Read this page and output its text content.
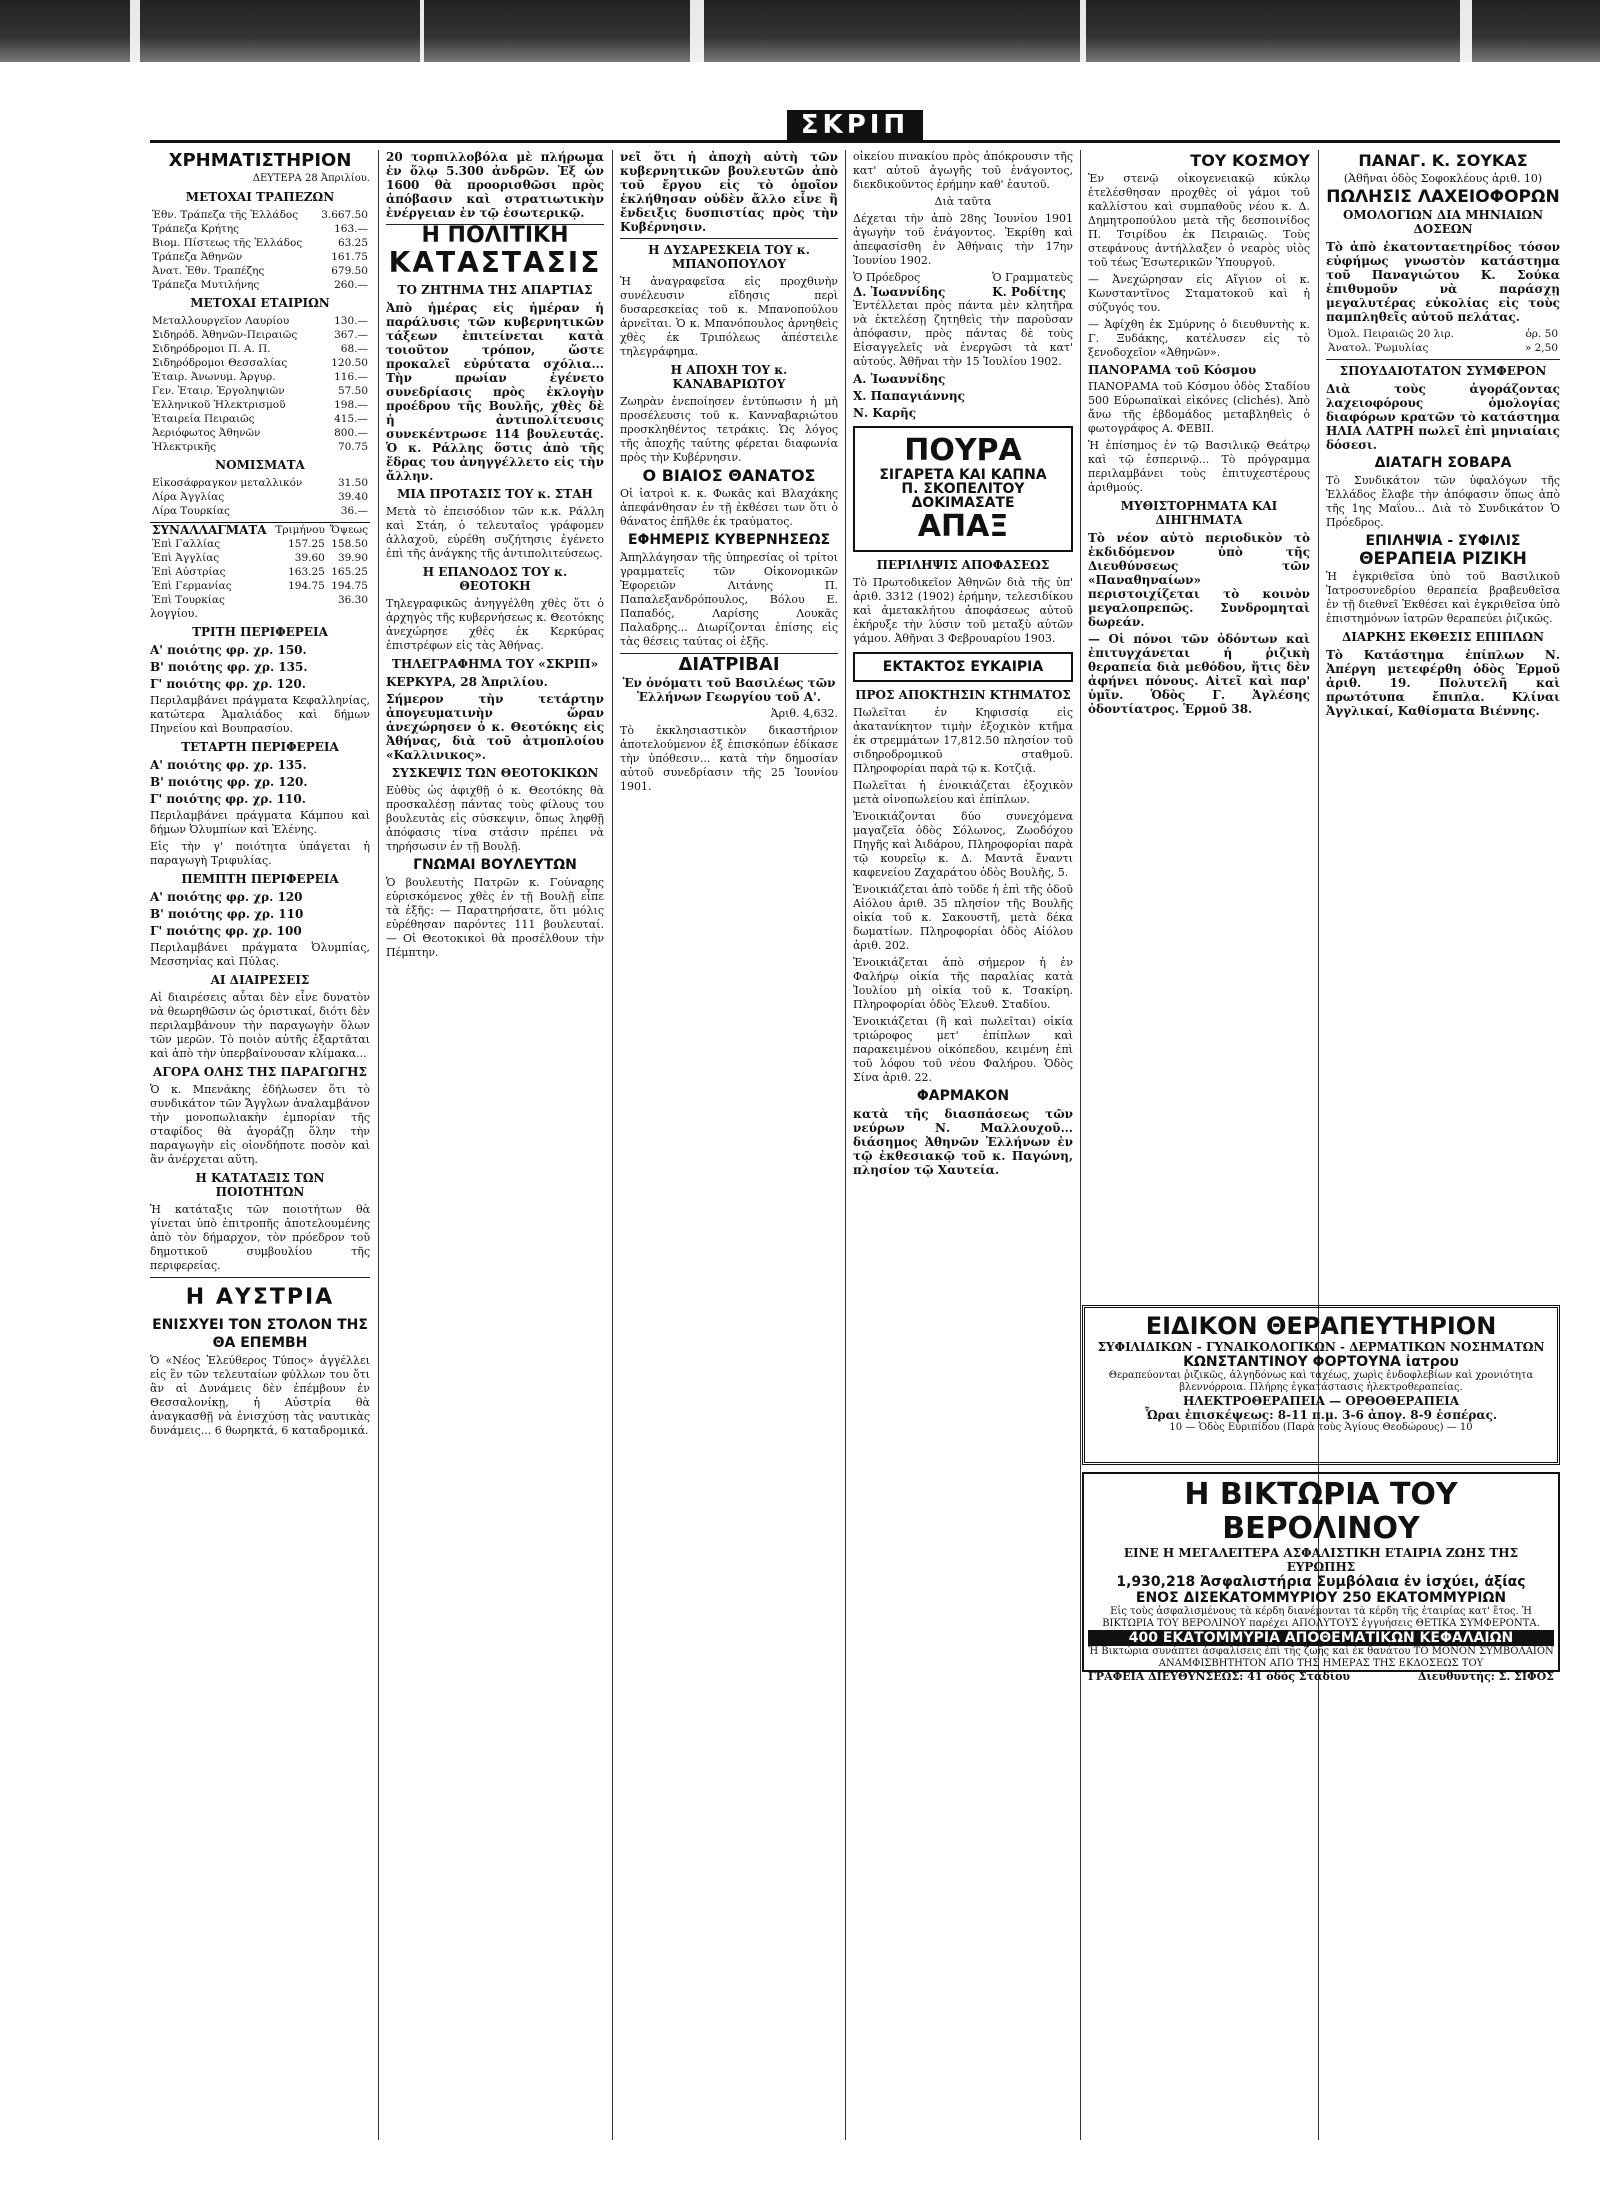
ΣΚΡΙΠ
ΧΡΗΜΑΤΙΣΤΗΡΙΟΝ
ΔΕΥΤΕΡΑ 28 Ἀπριλίου.
ΜΕΤΟΧΑΙ ΤΡΑΠΕΖΩΝ
Ἐθν. Τράπεζα τῆς Ἑλλάδος	3.667.50
Τράπεζα Κρήτης	163.—
Βιομ. Πίστεως τῆς Ἑλλάδος	63.25
Τράπεζα Ἀθηνῶν	161.75
Ἀνατ. Ἐθν. Τραπέζης	679.50
Τράπεζα Μυτιλήνης	260.—
ΜΕΤΟΧΑΙ ΕΤΑΙΡΙΩΝ
Μεταλλουργεῖον Λαυρίου	130.—
Σιδηρόδ. Ἀθηνῶν-Πειραιῶς	367.—
Σιδηρόδρομοι Π. Α. Π.	68.—
Σιδηρόδρομοι Θεσσαλίας	120.50
Ἐταιρ. Ἀνωνυμ. Ἀργυρ.	116.—
Γεν. Ἐταιρ. Ἐργοληψιῶν	57.50
Ἑλληνικοῦ Ἠλεκτρισμοῦ	198.—
Ἑταιρεία Πειραιῶς	415.—
Ἀεριόφωτος Ἀθηνῶν	800.—
Ἠλεκτρικῆς	70.75
ΝΟΜΙΣΜΑΤΑ
Εἰκοσάφραγκον μεταλλικόν	31.50
Λίρα Ἀγγλίας	39.40
Λίρα Τουρκίας	36.—
ΣΥΝΑΛΛΑΓΜΑΤΑ	Τριμήνου	Ὄψεως
Ἐπὶ Γαλλίας	157.25	158.50
Ἐπὶ Ἀγγλίας	39.60	39.90
Ἐπὶ Αὐστρίας	163.25	165.25
Ἐπὶ Γερμανίας	194.75	194.75
Ἐπὶ Τουρκίας		36.30

λογγίου.

ΤΡΙΤΗ ΠΕΡΙΦΕΡΕΙΑ

Α' ποιότης φρ. χρ. 150.

Β' ποιότης φρ. χρ. 135.

Γ' ποιότης φρ. χρ. 120.

Περιλαμβάνει πράγματα Κεφαλληνίας, κατώτερα Ἀμαλιάδος καὶ δήμων Πηνείου καὶ Βουπρασίου.

ΤΕΤΑΡΤΗ ΠΕΡΙΦΕΡΕΙΑ

Α' ποιότης φρ. χρ. 135.

Β' ποιότης φρ. χρ. 120.

Γ' ποιότης φρ. χρ. 110.

Περιλαμβάνει πράγματα Κάμπου καὶ δήμων Ὀλυμπίων καὶ Ἑλένης.

Εἰς τὴν γ' ποιότητα ὑπάγεται ἡ παραγωγὴ Τριφυλίας.

ΠΕΜΠΤΗ ΠΕΡΙΦΕΡΕΙΑ

Α' ποιότης φρ. χρ. 120

Β' ποιότης φρ. χρ. 110

Γ' ποιότης φρ. χρ. 100

Περιλαμβάνει πράγματα Ὀλυμπίας, Μεσσηνίας καὶ Πύλας.

ΑΙ ΔΙΑΙΡΕΣΕΙΣ

Αἱ διαιρέσεις αὗται δὲν εἶνε δυνατὸν νὰ θεωρηθῶσιν ὡς ὁριστικαί, διότι δὲν περιλαμβάνουν τὴν παραγωγὴν ὅλων τῶν μερῶν. Τὸ ποιὸν αὐτῆς ἐξαρτᾶται καὶ ἀπὸ τὴν ὑπερβαίνουσαν κλίμακα...

ΑΓΟΡΑ ΟΛΗΣ ΤΗΣ ΠΑΡΑΓΩΓΗΣ

Ὁ κ. Μπενάκης ἐδήλωσεν ὅτι τὸ συνδικάτον τῶν Ἄγγλων ἀναλαμβάνον τὴν μονοπωλιακὴν ἐμπορίαν τῆς σταφίδος θὰ ἀγοράζῃ ὅλην τὴν παραγωγὴν εἰς οἱονδήποτε ποσὸν καὶ ἂν ἀνέρχεται αὕτη.

Η ΚΑΤΑΤΑΞΙΣ ΤΩΝ ΠΟΙΟΤΗΤΩΝ

Ἡ κατάταξις τῶν ποιοτήτων θὰ γίνεται ὑπὸ ἐπιτροπῆς ἀποτελουμένης ἀπὸ τὸν δήμαρχον, τὸν πρόεδρον τοῦ δημοτικοῦ συμβουλίου τῆς περιφερείας.

Η ΑΥΣΤΡΙΑ
ΕΝΙΣΧΥΕΙ ΤΟΝ ΣΤΟΛΟΝ ΤΗΣ
ΘΑ ΕΠΕΜΒΗ

Ὁ «Νέος Ἐλεύθερος Τύπος» ἀγγέλλει εἰς ἓν τῶν τελευταίων φύλλων του ὅτι ἂν αἱ Δυνάμεις δὲν ἐπέμβουν ἐν Θεσσαλονίκῃ, ἡ Αὐστρία θὰ ἀναγκασθῇ νὰ ἐνισχύσῃ τὰς ναυτικὰς δυνάμεις... 6 θωρηκτά, 6 καταδρομικά.

20 τορπιλλοβόλα μὲ πλήρωμα ἐν ὅλῳ 5.300 ἀνδρῶν. Ἐξ ὧν 1600 θὰ προορισθῶσι πρὸς ἀπόβασιν καὶ στρατιωτικὴν ἐνέργειαν ἐν τῷ ἐσωτερικῷ.

Η ΠΟΛΙΤΙΚΗ
ΚΑΤΑΣΤΑΣΙΣ
ΤΟ ΖΗΤΗΜΑ ΤΗΣ ΑΠΑΡΤΙΑΣ

Ἀπὸ ἡμέρας εἰς ἡμέραν ἡ παράλυσις τῶν κυβερνητικῶν τάξεων ἐπιτείνεται κατὰ τοιοῦτον τρόπον, ὥστε προκαλεῖ εὐρύτατα σχόλια... Τὴν πρωίαν ἐγένετο συνεδρίασις πρὸς ἐκλογὴν προέδρου τῆς Βουλῆς, χθὲς δὲ ἡ ἀντιπολίτευσις συνεκέντρωσε 114 βουλευτάς. Ὁ κ. Ράλλης ὅστις ἀπὸ τῆς ἕδρας του ἀνηγγέλλετο εἰς τὴν ἄλλην.

ΜΙΑ ΠΡΟΤΑΣΙΣ ΤΟΥ κ. ΣΤΑΗ

Μετὰ τὸ ἐπεισόδιον τῶν κ.κ. Ράλλη καὶ Στάη, ὁ τελευταῖος γράφομεν ἀλλαχοῦ, εὑρέθη συζήτησις ἐγένετο ἐπὶ τῆς ἀνάγκης τῆς ἀντιπολιτεύσεως.

Η ΕΠΑΝΟΔΟΣ ΤΟΥ κ. ΘΕΟΤΟΚΗ

Τηλεγραφικῶς ἀνηγγέλθη χθὲς ὅτι ὁ ἀρχηγὸς τῆς κυβερνήσεως κ. Θεοτόκης ἀνεχώρησε χθὲς ἐκ Κερκύρας ἐπιστρέφων εἰς τὰς Ἀθήνας.

ΤΗΛΕΓΡΑΦΗΜΑ ΤΟΥ «ΣΚΡΙΠ»

ΚΕΡΚΥΡΑ, 28 Ἀπριλίου.

Σήμερον τὴν τετάρτην ἀπογευματινὴν ὥραν ἀνεχώρησεν ὁ κ. Θεοτόκης εἰς Ἀθήνας, διὰ τοῦ ἀτμοπλοίου «Καλλινικος».

ΣΥΣΚΕΨΙΣ ΤΩΝ ΘΕΟΤΟΚΙΚΩΝ

Εὐθὺς ὡς ἀφιχθῇ ὁ κ. Θεοτόκης θὰ προσκαλέσῃ πάντας τοὺς φίλους του βουλευτὰς εἰς σύσκεψιν, ὅπως ληφθῇ ἀπόφασις τίνα στάσιν πρέπει νὰ τηρήσωσιν ἐν τῇ Βουλῇ.

ΓΝΩΜΑΙ ΒΟΥΛΕΥΤΩΝ

Ὁ βουλευτὴς Πατρῶν κ. Γούναρης εὑρισκόμενος χθὲς ἐν τῇ Βουλῇ εἶπε τὰ ἑξῆς: — Παρατηρήσατε, ὅτι μόλις εὐρέθησαν παρόντες 111 βουλευταί. — Οἱ Θεοτοκικοὶ θὰ προσέλθουν τὴν Πέμπτην.

νεῖ ὅτι ἡ ἀποχὴ αὐτὴ τῶν κυβερνητικῶν βουλευτῶν ἀπὸ τοῦ ἔργου εἰς τὸ ὁποῖον ἐκλήθησαν οὐδὲν ἄλλο εἶνε ἢ ἔνδειξις δυσπιστίας πρὸς τὴν Κυβέρνησιν.

Η ΔΥΣΑΡΕΣΚΕΙΑ ΤΟΥ κ. ΜΠΑΝΟΠΟΥΛΟΥ

Ἡ ἀναγραφεῖσα εἰς προχθινὴν συνέλευσιν εἴδησις περὶ δυσαρεσκείας τοῦ κ. Μπανοπούλου ἀρνεῖται. Ὁ κ. Μπανόπουλος ἀρνηθεὶς χθὲς ἐκ Τριπόλεως ἀπέστειλε τηλεγράφημα.

Η ΑΠΟΧΗ ΤΟΥ κ. ΚΑΝΑΒΑΡΙΩΤΟΥ

Ζωηρὰν ἐνεποίησεν ἐντύπωσιν ἡ μὴ προσέλευσις τοῦ κ. Κανναβαριώτου προσκληθέντος τετράκις. Ὡς λόγος τῆς ἀποχῆς ταύτης φέρεται διαφωνία πρὸς τὴν Κυβέρνησιν.

Ο ΒΙΑΙΟΣ ΘΑΝΑΤΟΣ

Οἱ ἰατροὶ κ. κ. Φωκᾶς καὶ Βλαχάκης ἀπεφάνθησαν ἐν τῇ ἐκθέσει των ὅτι ὁ θάνατος ἐπῆλθε ἐκ τραύματος.

ΕΦΗΜΕΡΙΣ ΚΥΒΕΡΝΗΣΕΩΣ

Ἀπηλλάγησαν τῆς ὑπηρεσίας οἱ τρίτοι γραμματεῖς τῶν Οἰκονομικῶν Ἐφορειῶν Λιτάνης Π. Παπαλεξανδρόπουλος, Βόλου Ε. Παπαδός, Λαρίσης Λουκᾶς Παλαδρης... Διωρίζονται ἐπίσης εἰς τὰς θέσεις ταύτας οἱ ἑξῆς.

ΔΙΑΤΡΙΒΑΙ

Ἐν ὀνόματι τοῦ Βασιλέως τῶν Ἑλλήνων Γεωργίου τοῦ Α'.

Ἀριθ. 4,632.

Τὸ ἐκκλησιαστικὸν δικαστήριον ἀποτελούμενον ἐξ ἐπισκόπων ἐδίκασε τὴν ὑπόθεσιν... κατὰ τὴν δημοσίαν αὐτοῦ συνεδρίασιν τῆς 25 Ἰουνίου 1901.

οἰκείου πινακίου πρὸς ἀπόκρουσιν τῆς κατ' αὐτοῦ ἀγωγῆς τοῦ ἐνάγοντος, διεκδικοῦντος ἐρήμην καθ' ἑαυτοῦ.

Διὰ ταῦτα

Δέχεται τὴν ἀπὸ 28ης Ἰουνίου 1901 ἀγωγὴν τοῦ ἐνάγοντος. Ἐκρίθη καὶ ἀπεφασίσθη ἐν Ἀθήναις τὴν 17ην Ἰουνίου 1902.

Ὁ Πρόεδρος
Δ. Ἰωαννίδης
Ὁ Γραμματεὺς
Κ. Ροδίτης

Ἐντέλλεται πρὸς πάντα μὲν κλητῆρα νὰ ἐκτελέσῃ ζητηθεὶς τὴν παροῦσαν ἀπόφασιν, πρὸς πάντας δὲ τοὺς Εἰσαγγελεῖς νὰ ἐνεργῶσι τὰ κατ' αὐτούς. Ἀθῆναι τὴν 15 Ἰουλίου 1902.

Α. Ἰωαννίδης

Χ. Παπαγιάννης

Ν. Καρῆς

ΠΟΥΡΑ
ΣΙΓΑΡΕΤΑ ΚΑΙ ΚΑΠΝΑ
Π. ΣΚΟΠΕΛΙΤΟΥ
ΔΟΚΙΜΑΣΑΤΕ
ΑΠΑΞ
ΠΕΡΙΛΗΨΙΣ ΑΠΟΦΑΣΕΩΣ

Τὸ Πρωτοδικεῖον Ἀθηνῶν διὰ τῆς ὑπ' ἀριθ. 3312 (1902) ἐρήμην, τελεσιδίκου καὶ ἀμετακλήτου ἀποφάσεως αὐτοῦ ἐκήρυξε τὴν λύσιν τοῦ μεταξὺ αὐτῶν γάμου. Ἀθῆναι 3 Φεβρουαρίου 1903.

ΕΚΤΑΚΤΟΣ ΕΥΚΑΙΡΙΑ
ΠΡΟΣ ΑΠΟΚΤΗΣΙΝ ΚΤΗΜΑΤΟΣ

Πωλεῖται ἐν Κηφισσίᾳ εἰς ἀκατανίκητον τιμὴν ἐξοχικὸν κτῆμα ἐκ στρεμμάτων 17,812.50 πλησίον τοῦ σιδηροδρομικοῦ σταθμοῦ. Πληροφορίαι παρὰ τῷ κ. Κοτζιᾷ.

Πωλεῖται ἡ ἐνοικιάζεται ἐξοχικὸν μετὰ οἰνοπωλείου καὶ ἐπίπλων.

Ἐνοικιάζονται δύο συνεχόμενα μαγαζεῖα ὁδὸς Σόλωνος, Ζωοδόχου Πηγῆς καὶ Ἀιδάρου, Πληροφορίαι παρὰ τῷ κουρεῖῳ κ. Δ. Μαντᾶ ἔναντι καφενείου Ζαχαράτου ὁδὸς Βουλῆς, 5.

Ἐνοικιάζεται ἀπὸ τοῦδε ἡ ἐπὶ τῆς ὁδοῦ Αἰόλου ἀριθ. 35 πλησίον τῆς Βουλῆς οἰκία τοῦ κ. Σακουστῆ, μετὰ δέκα δωματίων. Πληροφορίαι ὁδὸς Αἰόλου ἀριθ. 202.

Ἐνοικιάζεται ἀπὸ σήμερον ἡ ἐν Φαλήρῳ οἰκία τῆς παραλίας κατὰ Ἰουλίου μὴ οἰκία τοῦ κ. Τσακίρη. Πληροφορίαι ὁδὸς Ἐλευθ. Σταδίου.

Ἐνοικιάζεται (ἢ καὶ πωλεῖται) οἰκία τριώροφος μετ' ἐπίπλων καὶ παρακειμένου οἰκόπεδου, κειμένη ἐπὶ τοῦ λόφου τοῦ νέου Φαλήρου. Ὁδὸς Σίνα ἀριθ. 22.

ΦΑΡΜΑΚΟΝ

κατὰ τῆς διασπάσεως τῶν νεύρων Ν. Μαλλουχοῦ... διάσημος Ἀθηνῶν Ἑλλήνων ἐν τῷ ἐκθεσιακῷ τοῦ κ. Παγώνη, πλησίον τῷ Χαυτεία.

ΤΟΥ ΚΟΣΜΟΥ

Ἐν στενῷ οἰκογενειακῷ κύκλῳ ἐτελέσθησαν προχθὲς οἱ γάμοι τοῦ καλλίστου καὶ συμπαθοῦς νέου κ. Δ. Δημητροπούλου μετὰ τῆς δεσποινίδος Π. Τσιρίδου ἐκ Πειραιῶς. Τοὺς στεφάνους ἀντήλλαξεν ὁ νεαρὸς υἱὸς τοῦ τέως Ἐσωτερικῶν Ὑπουργοῦ.

— Ἀνεχώρησαν εἰς Αἴγιον οἱ κ. Κωνσταντῖνος Σταματοκοῦ καὶ ἡ σύζυγός του.

— Ἀφίχθη ἐκ Σμύρνης ὁ διευθυντὴς κ. Γ. Ξυδάκης, κατέλυσεν εἰς τὸ ξενοδοχεῖον «Ἀθηνῶν».

ΠΑΝΟΡΑΜΑ τοῦ Κόσμου

ΠΑΝΟΡΑΜΑ τοῦ Κόσμου ὁδὸς Σταδίου 500 Εὐρωπαϊκαὶ εἰκόνες (clichés). Ἀπὸ ἄνω τῆς ἑβδομάδος μεταβληθεὶς ὁ φωτογράφος Α. ΦΕΒΙΙ.

Ἡ ἐπίσημος ἐν τῷ Βασιλικῷ Θεάτρῳ καὶ τῷ ἑσπερινῷ... Τὸ πρόγραμμα περιλαμβάνει τοὺς ἐπιτυχεστέρους ἀριθμούς.

ΜΥΘΙΣΤΟΡΗΜΑΤΑ ΚΑΙ ΔΙΗΓΗΜΑΤΑ

Τὸ νέον αὐτὸ περιοδικὸν τὸ ἐκδιδόμενον ὑπὸ τῆς Διευθύνσεως τῶν «Παναθηναίων» περιστοιχίζεται τὸ κοινὸν μεγαλοπρεπῶς. Συνδρομηταὶ δωρεάν.

— Οἱ πόνοι τῶν ὀδόντων καὶ ἐπιτυγχάνεται ἡ ῥιζικὴ θεραπεία διὰ μεθόδου, ἥτις δὲν ἀφήνει πόνους. Αἰτεῖ καὶ παρ' ὑμῖν. Ὁδὸς Γ. Ἀγλέσης ὀδοντίατρος. Ἑρμοῦ 38.

ΠΑΝΑΓ. Κ. ΣΟΥΚΑΣ

(Ἀθῆναι ὁδὸς Σοφοκλέους ἀριθ. 10)

ΠΩΛΗΣΙΣ ΛΑΧΕΙΟΦΟΡΩΝ
ΟΜΟΛΟΓΙΩΝ ΔΙΑ ΜΗΝΙΑΙΩΝ ΔΟΣΕΩΝ

Τὸ ἀπὸ ἑκατονταετηρίδος τόσον εὐφήμως γνωστὸν κατάστημα τοῦ Παναγιώτου Κ. Σούκα ἐπιθυμοῦν νὰ παράσχῃ μεγαλυτέρας εὐκολίας εἰς τοὺς παμπληθεῖς αὐτοῦ πελάτας.

Ὀμολ. Πειραιῶς 20 λιρ.	ὀρ. 50
Ἀνατολ. Ῥωμυλίας	» 2,50
ΣΠΟΥΔΑΙΟΤΑΤΟΝ ΣΥΜΦΕΡΟΝ

Διὰ τοὺς ἀγοράζοντας λαχειοφόρους ὁμολογίας διαφόρων κρατῶν τὸ κατάστημα ΗΛΙΑ ΛΑΤΡΗ πωλεῖ ἐπὶ μηνιαίαις δόσεσι.

ΔΙΑΤΑΓΗ ΣΟΒΑΡΑ

Τὸ Συνδικάτον τῶν ὑφαλόγων τῆς Ἑλλάδος ἔλαβε τὴν ἀπόφασιν ὅπως ἀπὸ τῆς 1ης Μαΐου... Διὰ τὸ Συνδικάτον Ὁ Πρόεδρος.

ΕΠΙΛΗΨΙΑ - ΣΥΦΙΛΙΣ
ΘΕΡΑΠΕΙΑ ΡΙΖΙΚΗ

Ἡ ἐγκριθεῖσα ὑπὸ τοῦ Βασιλικοῦ Ἰατροσυνεδρίου θεραπεία βραβευθεῖσα ἐν τῇ διεθνεῖ Ἐκθέσει καὶ ἐγκριθεῖσα ὑπὸ ἐπιστημόνων ἰατρῶν θεραπεύει ῥιζικῶς.

ΔΙΑΡΚΗΣ ΕΚΘΕΣΙΣ ΕΠΙΠΛΩΝ

Τὸ Κατάστημα ἐπίπλων Ν. Ἀπέργη μετεφέρθη ὁδὸς Ἑρμοῦ ἀριθ. 19. Πολυτελῆ καὶ πρωτότυπα ἔπιπλα. Κλίναι Ἀγγλικαί, Καθίσματα Βιέννης.

ΕΙΔΙΚΟΝ ΘΕΡΑΠΕΥΤΗΡΙΟΝ
ΣΥΦΙΛΙΔΙΚΩΝ - ΓΥΝΑΙΚΟΛΟΓΙΚΩΝ - ΔΕΡΜΑΤΙΚΩΝ ΝΟΣΗΜΑΤΩΝ
ΚΩΝΣΤΑΝΤΙΝΟΥ ΦΟΡΤΟΥΝΑ ἰατρου
Θεραπεύονται ῥιζικῶς, ἀλγηδόνως καὶ ταχέως, χωρὶς ἐνδοφλεβίων καὶ χρονιότητα βλεννόρροια. Πλήρης ἐγκατάστασις ἠλεκτροθεραπείας.
ΗΛΕΚΤΡΟΘΕΡΑΠΕΙΑ — ΟΡΘΟΘΕΡΑΠΕΙΑ
Ὧραι ἐπισκέψεως: 8-11 π.μ. 3-6 ἀπογ. 8-9 ἑσπέρας.
10 — Ὁδὸς Εὐριπίδου (Παρὰ τοὺς Ἁγίους Θεοδώρους) — 10
Η ΒΙΚΤΩΡΙΑ ΤΟΥ ΒΕΡΟΛΙΝΟΥ
ΕΙΝΕ Η ΜΕΓΑΛΕΙΤΕΡΑ ΑΣΦΑΛΙΣΤΙΚΗ ΕΤΑΙΡΙΑ ΖΩΗΣ ΤΗΣ ΕΥΡΩΠΗΣ
1,930,218 Ἀσφαλιστήρια Συμβόλαια ἐν ἰσχύει, ἀξίας
ΕΝΟΣ ΔΙΣΕΚΑΤΟΜΜΥΡΙΟΥ 250 ΕΚΑΤΟΜΜΥΡΙΩΝ
Εἰς τοὺς ἀσφαλισμένους τὰ κέρδη διανέμονται τὰ κέρδη τῆς ἑταιρίας κατ' ἔτος. Ἡ ΒΙΚΤΩΡΙΑ ΤΟΥ ΒΕΡΟΛΙΝΟΥ παρέχει ΑΠΟΛΥΤΟΥΣ ἐγγυήσεις ΘΕΤΙΚΑ ΣΥΜΦΕΡΟΝΤΑ.
400 ΕΚΑΤΟΜΜΥΡΙΑ ΑΠΟΘΕΜΑΤΙΚΩΝ ΚΕΦΑΛΑΙΩΝ
Ἡ Βικτώρια συνάπτει ἀσφαλίσεις ἐπὶ τῆς ζωῆς καὶ ἐκ θανάτου ΤΟ ΜΟΝΟΝ ΣΥΜΒΟΛΑΙΟΝ ΑΝΑΜΦΙΣΒΗΤΗΤΟΝ ΑΠΟ ΤΗΣ ΗΜΕΡΑΣ ΤΗΣ ΕΚΔΟΣΕΩΣ ΤΟΥ
ΓΡΑΦΕΙΑ ΔΙΕΥΘΥΝΣΕΩΣ: 41 ὁδὸς Σταδίου	Διευθυντής: Σ. ΣΙΦΟΣ
